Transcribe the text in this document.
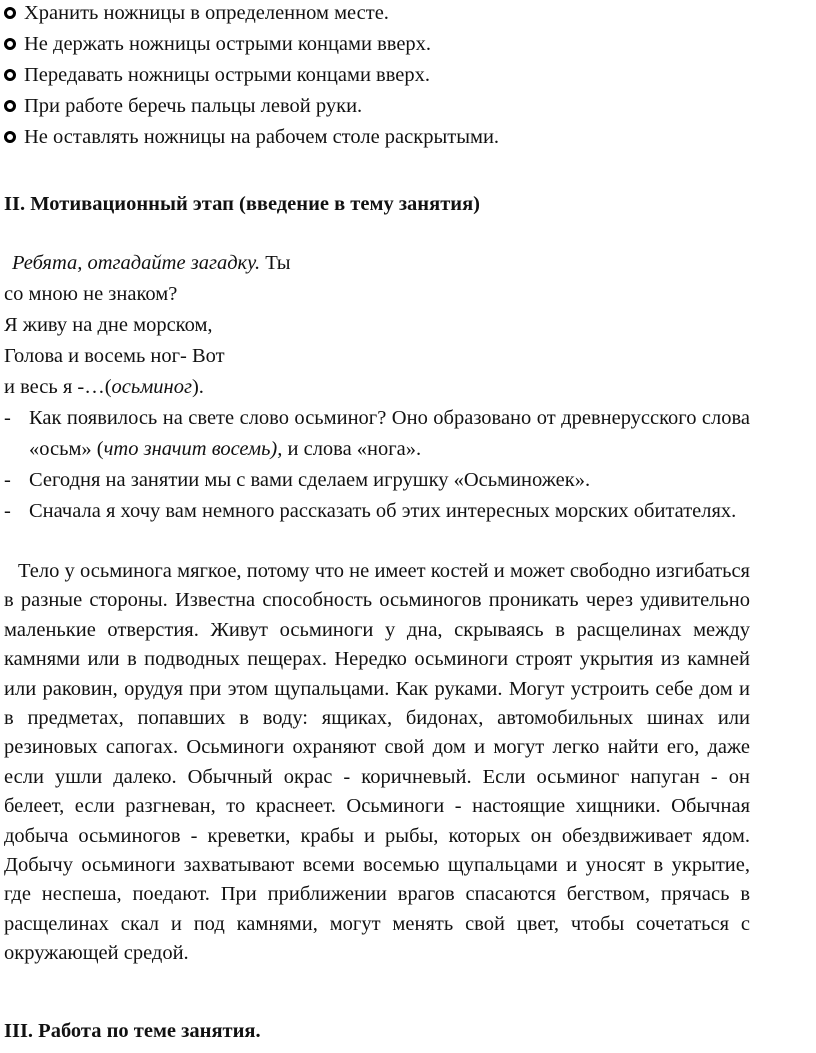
Хранить ножницы в определенном месте.
Не держать ножницы острыми концами вверх.
Передавать ножницы острыми концами вверх.
При работе беречь пальцы левой руки.
Не оставлять ножницы на рабочем столе раскрытыми.
II. Мотивационный этап (введение в тему занятия)
Ребята, отгадайте загадку. Ты
со мною не знаком?
Я живу на дне морском,
Голова и восемь ног- Вот
и весь я -…(осьминог).
- Как появилось на свете слово осьминог? Оно образовано от древнерусского слова «осьм» (что значит восемь), и слова «нога».
- Сегодня на занятии мы с вами сделаем игрушку «Осьминожек».
- Сначала я хочу вам немного рассказать об этих интересных морских обитателях.
Тело у осьминога мягкое, потому что не имеет костей и может свободно изгибаться в разные стороны. Известна способность осьминогов проникать через удивительно маленькие отверстия. Живут осьминоги у дна, скрываясь в расщелинах между камнями или в подводных пещерах. Нередко осьминоги строят укрытия из камней или раковин, орудуя при этом щупальцами. Как руками. Могут устроить себе дом и в предметах, попавших в воду: ящиках, бидонах, автомобильных шинах или резиновых сапогах. Осьминоги охраняют свой дом и могут легко найти его, даже если ушли далеко. Обычный окрас - коричневый. Если осьминог напуган - он белеет, если разгневан, то краснеет. Осьминоги - настоящие хищники. Обычная добыча осьминогов - креветки, крабы и рыбы, которых он обездвиживает ядом. Добычу осьминоги захватывают всеми восемью щупальцами и уносят в укрытие, где неспеша, поедают. При приближении врагов спасаются бегством, прячась в расщелинах скал и под камнями, могут менять свой цвет, чтобы сочетаться с окружающей средой.
III. Работа по теме занятия.
